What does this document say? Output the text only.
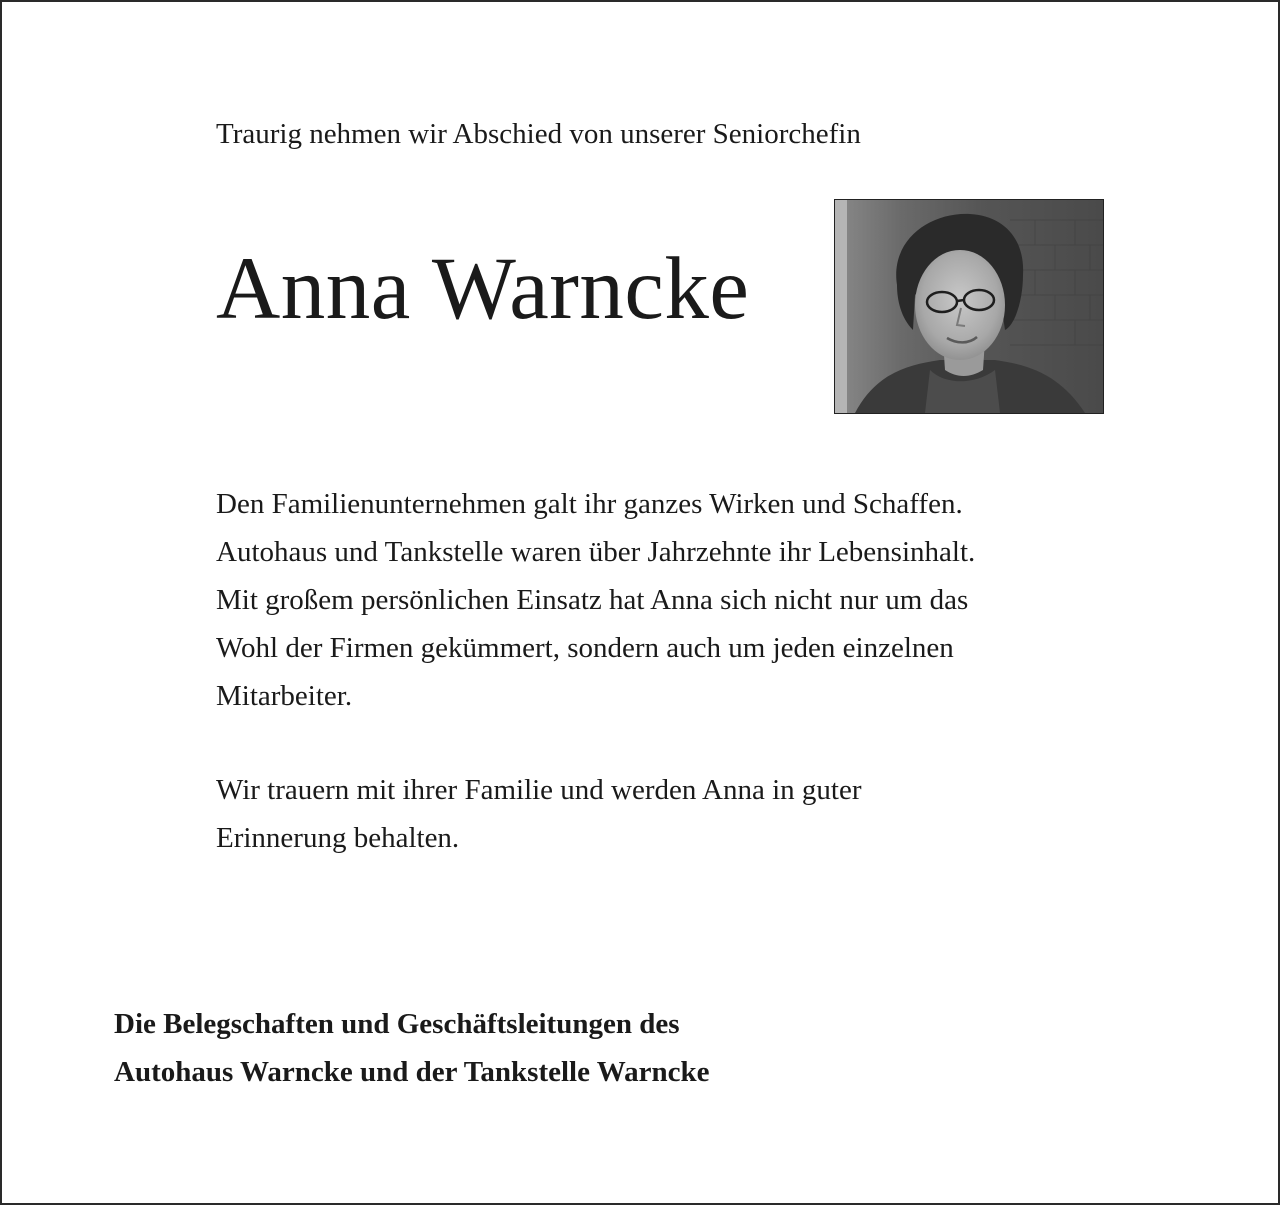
Traurig nehmen wir Abschied von unserer Seniorchefin

Anna Warncke

Den Familienunternehmen galt ihr ganzes Wirken und Schaffen.
Autohaus und Tankstelle waren über Jahrzehnte ihr Lebensinhalt.
Mit großem persönlichen Einsatz hat Anna sich nicht nur um das
Wohl der Firmen gekümmert, sondern auch um jeden einzelnen
Mitarbeiter.

Wir trauern mit ihrer Familie und werden Anna in guter
Erinnerung behalten.

Die Belegschaften und Geschäftsleitungen des
Autohaus Warncke und der Tankstelle Warncke
